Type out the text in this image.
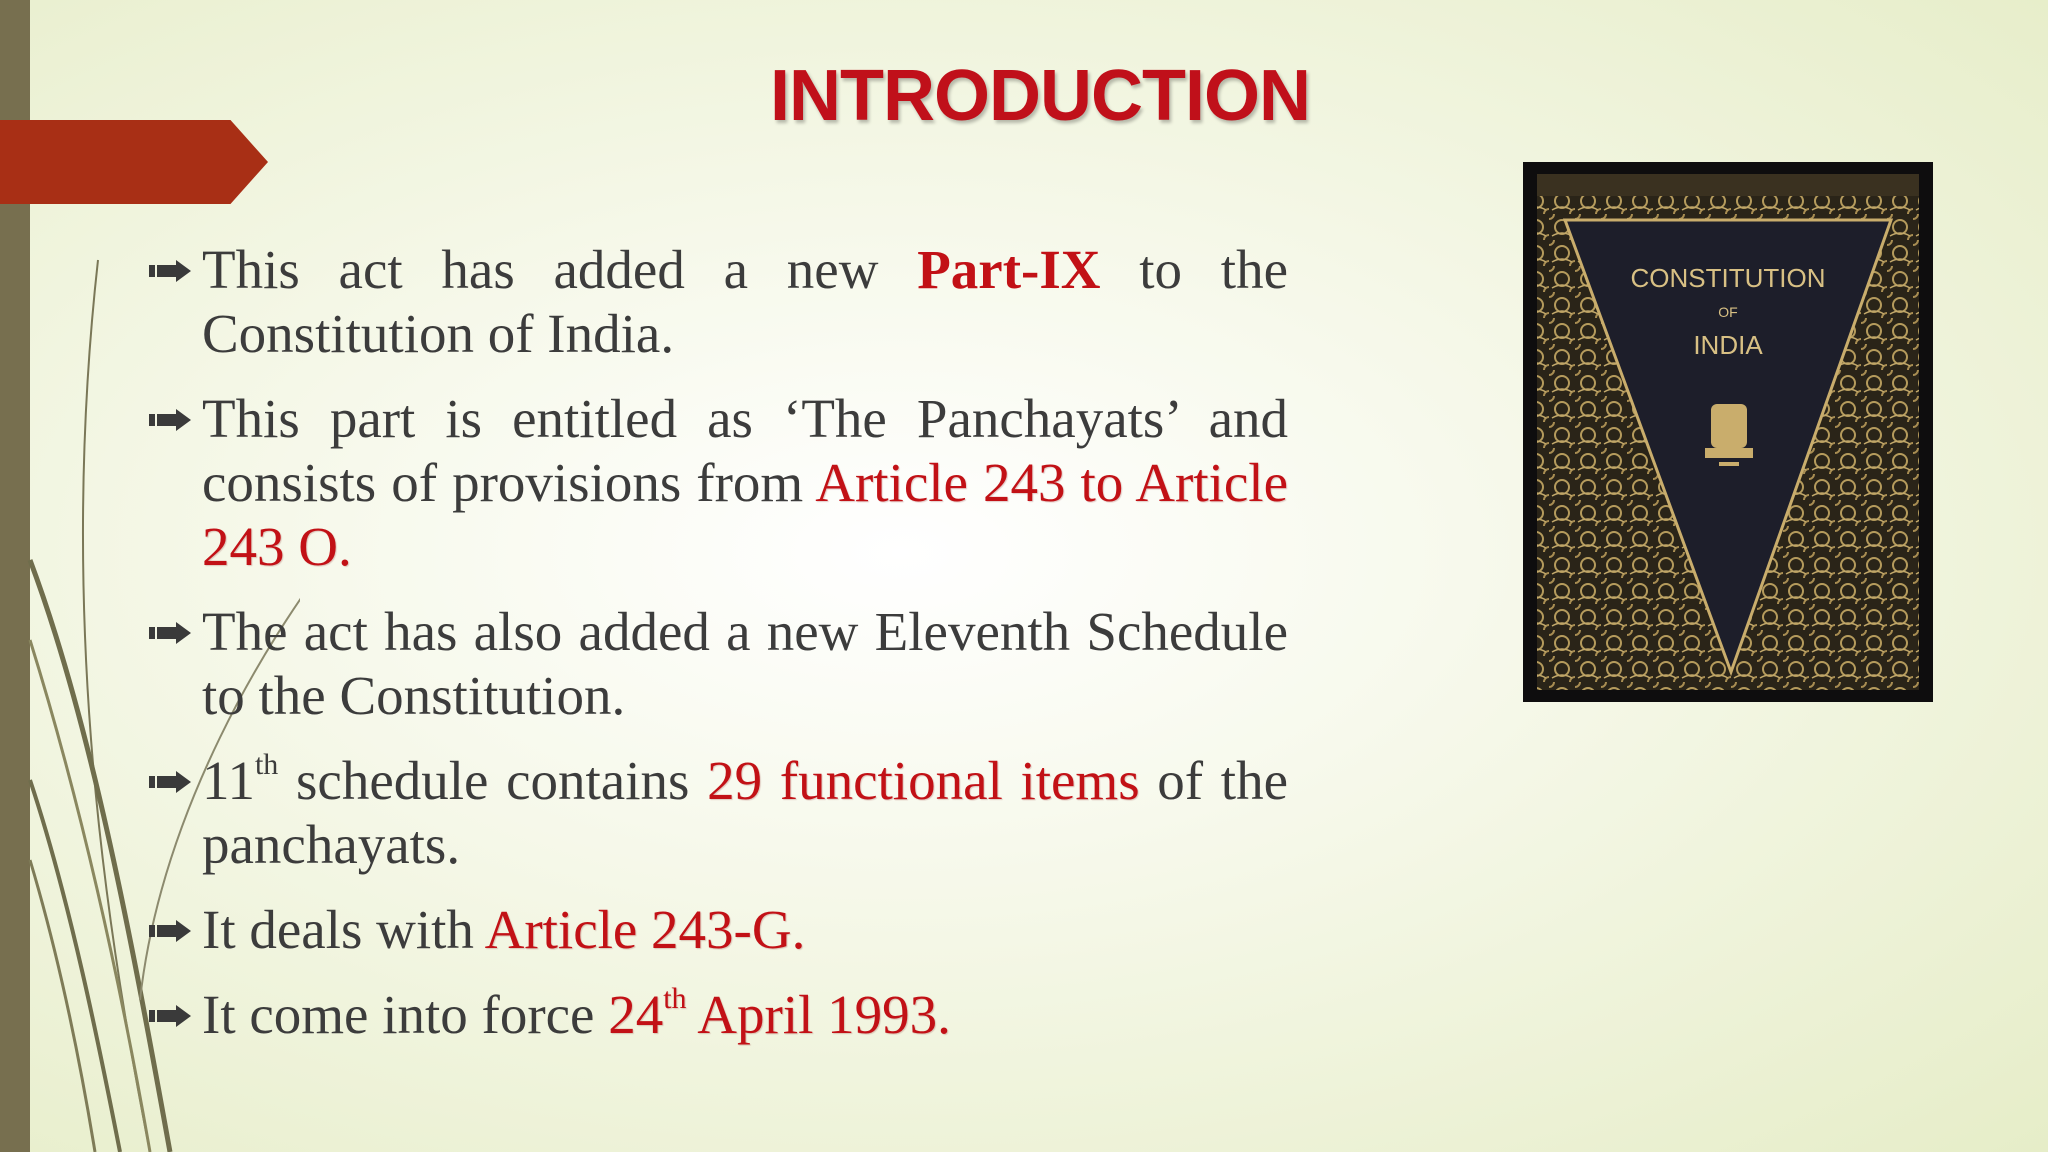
INTRODUCTION
This act has added a new Part-IX to the Constitution of India.
This part is entitled as ‘The Panchayats’ and consists of provisions from Article 243 to Article 243 O.
The act has also added a new Eleventh Schedule to the Constitution.
11th schedule contains 29 functional items of the panchayats.
It deals with Article 243-G.
It come into force 24th April 1993.
CONSTITUTION
OF
INDIA
